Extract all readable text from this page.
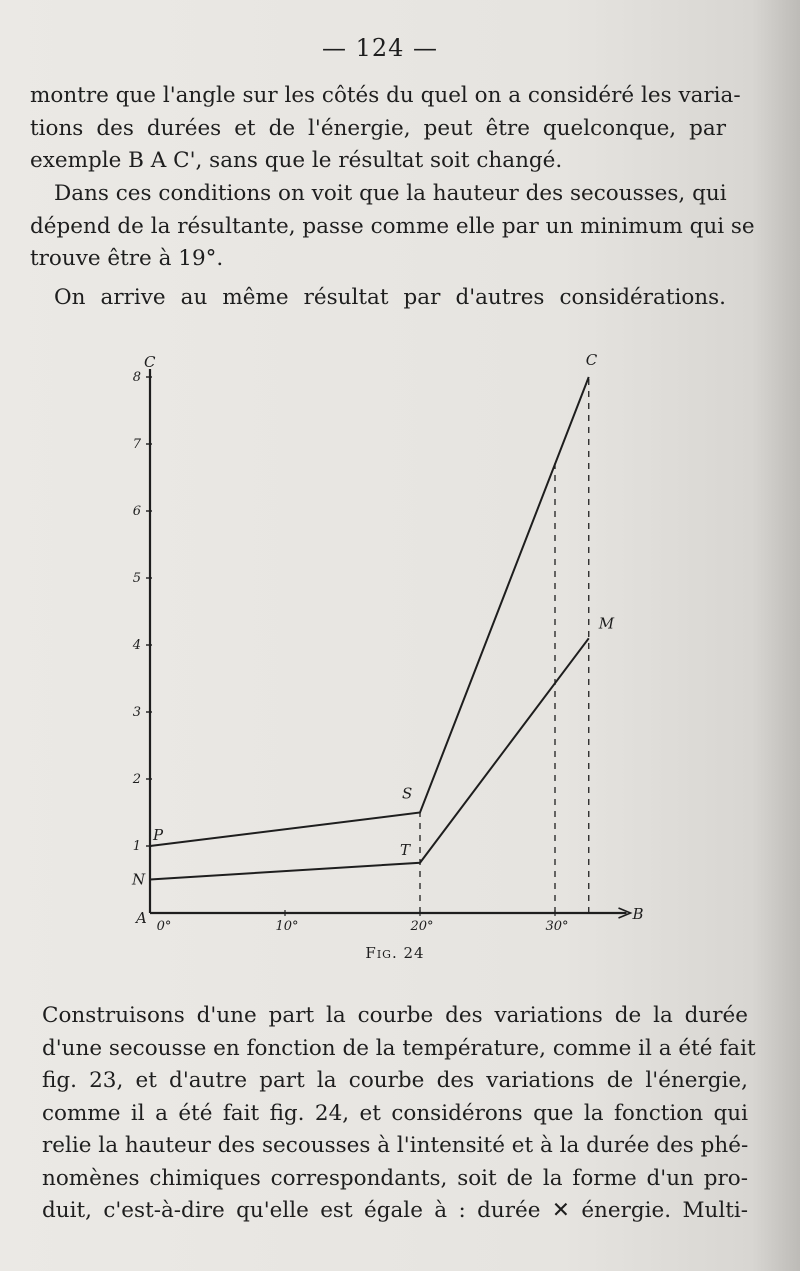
— 124 —
montre que l'angle sur les côtés du quel on a considéré les varia-
tions des durées et de l'énergie, peut être quelconque, par
exemple B A C', sans que le résultat soit changé.
Dans ces conditions on voit que la hauteur des secousses, qui
dépend de la résultante, passe comme elle par un minimum qui se
trouve être à 19°.
On arrive au même résultat par d'autres considérations.
1
2
3
4
5
6
7
8
0°	10°	20°	30°
C	C
A	B
S
T
P
N
M
Fig. 24
Construisons d'une part la courbe des variations de la durée
d'une secousse en fonction de la température, comme il a été fait
fig. 23, et d'autre part la courbe des variations de l'énergie,
comme il a été fait fig. 24, et considérons que la fonction qui
relie la hauteur des secousses à l'intensité et à la durée des phé-
nomènes chimiques correspondants, soit de la forme d'un pro-
duit, c'est-à-dire qu'elle est égale à : durée ✕ énergie. Multi-
